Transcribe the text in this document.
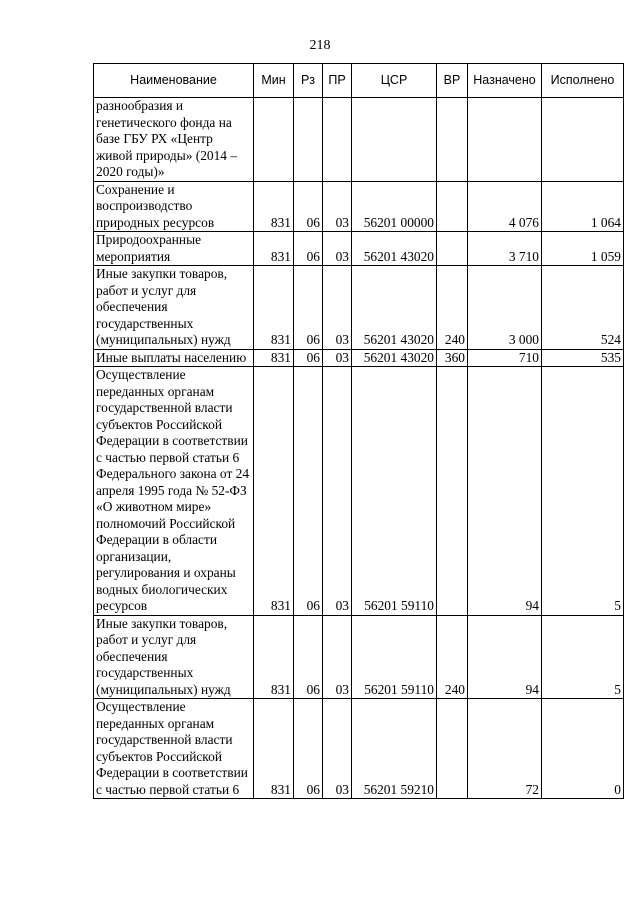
218
Наименование	Мин	Рз	ПР	ЦСР	ВР	Назначено	Исполнено
разнообразия и генетического фонда на базе ГБУ РХ «Центр живой природы» (2014 – 2020 годы)»							
Сохранение и воспроизводство природных ресурсов	831	06	03	56201 00000		4 076	1 064
Природоохранные мероприятия	831	06	03	56201 43020		3 710	1 059
Иные закупки товаров, работ и услуг для обеспечения государственных (муниципальных) нужд	831	06	03	56201 43020	240	3 000	524
Иные выплаты населению	831	06	03	56201 43020	360	710	535
Осуществление переданных органам государственной власти субъектов Российской Федерации в соответствии с частью первой статьи 6 Федерального закона от 24 апреля 1995 года № 52-ФЗ «О животном мире» полномочий Российской Федерации в области организации, регулирования и охраны водных биологических ресурсов	831	06	03	56201 59110		94	5
Иные закупки товаров, работ и услуг для обеспечения государственных (муниципальных) нужд	831	06	03	56201 59110	240	94	5
Осуществление переданных органам государственной власти субъектов Российской Федерации в соответствии с частью первой статьи 6	831	06	03	56201 59210		72	0
